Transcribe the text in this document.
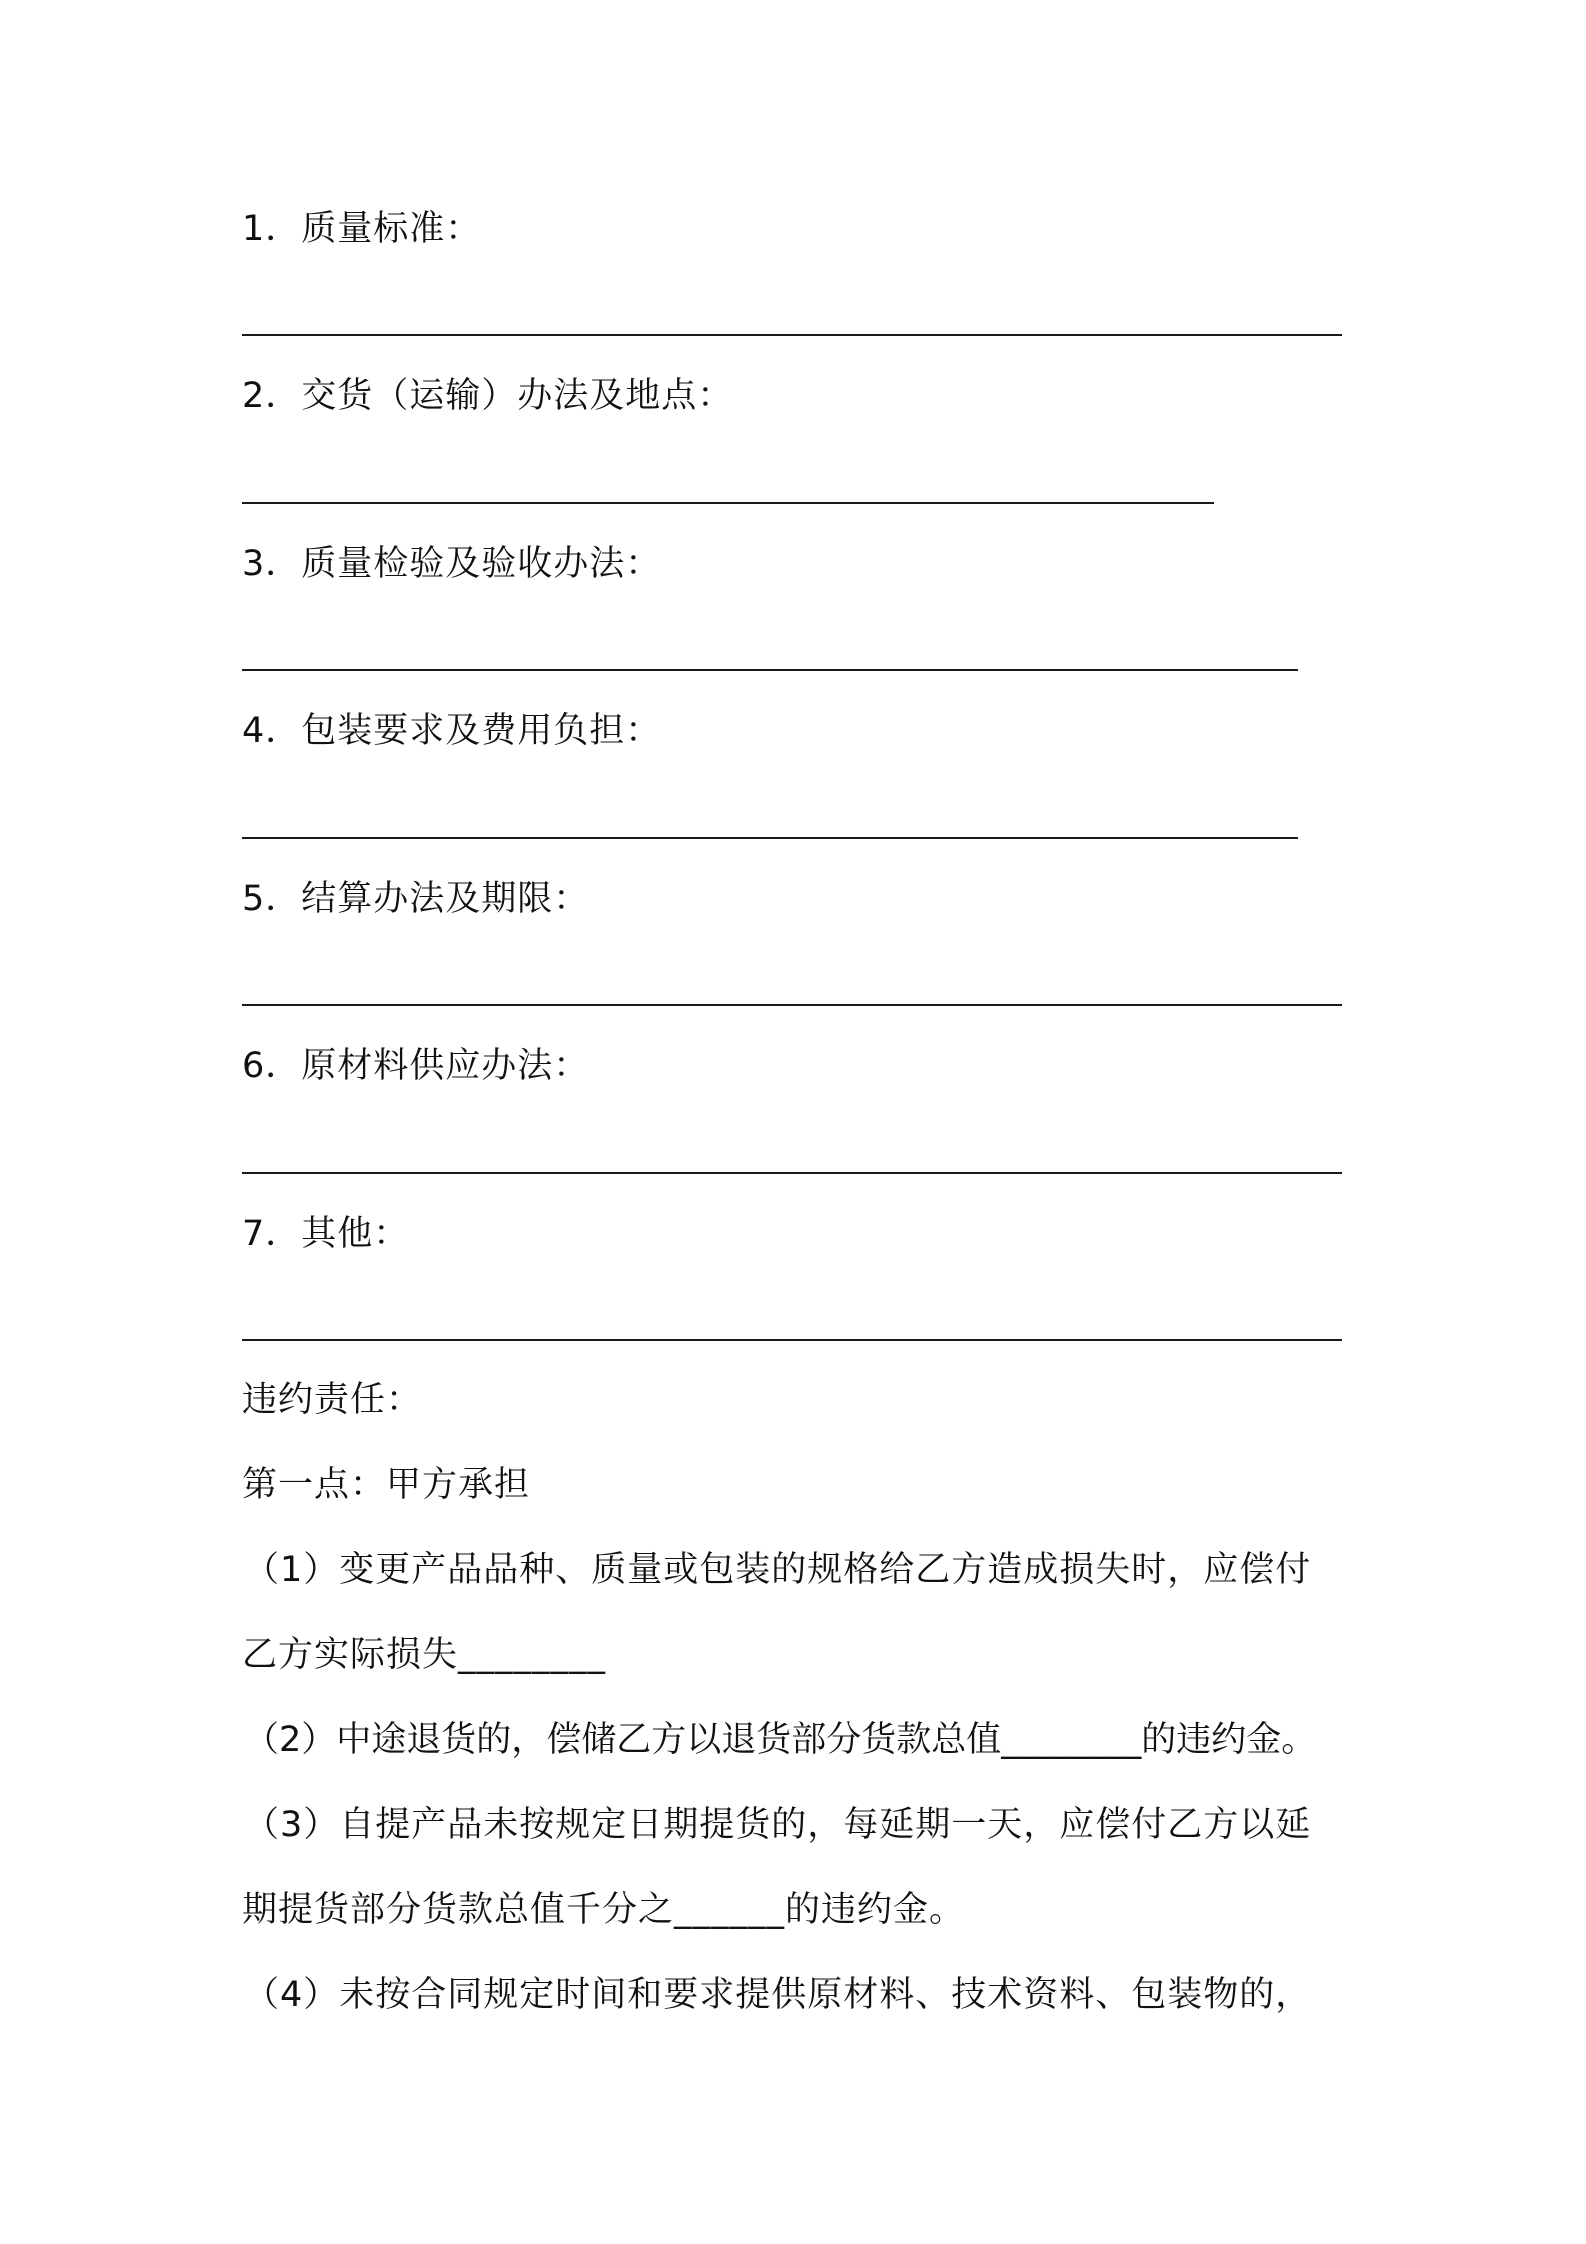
1．质量标准：
2．交货（运输）办法及地点：
3．质量检验及验收办法：
4．包装要求及费用负担：
5．结算办法及期限：
6．原材料供应办法：
7．其他：
违约责任：
第一点：甲方承担
（1）变更产品品种、质量或包装的规格给乙方造成损失时，应偿付
乙方实际损失________
（2）中途退货的，偿储乙方以退货部分货款总值________的违约金。
（3）自提产品未按规定日期提货的，每延期一天，应偿付乙方以延
期提货部分货款总值千分之______的违约金。
（4）未按合同规定时间和要求提供原材料、技术资料、包装物的，
